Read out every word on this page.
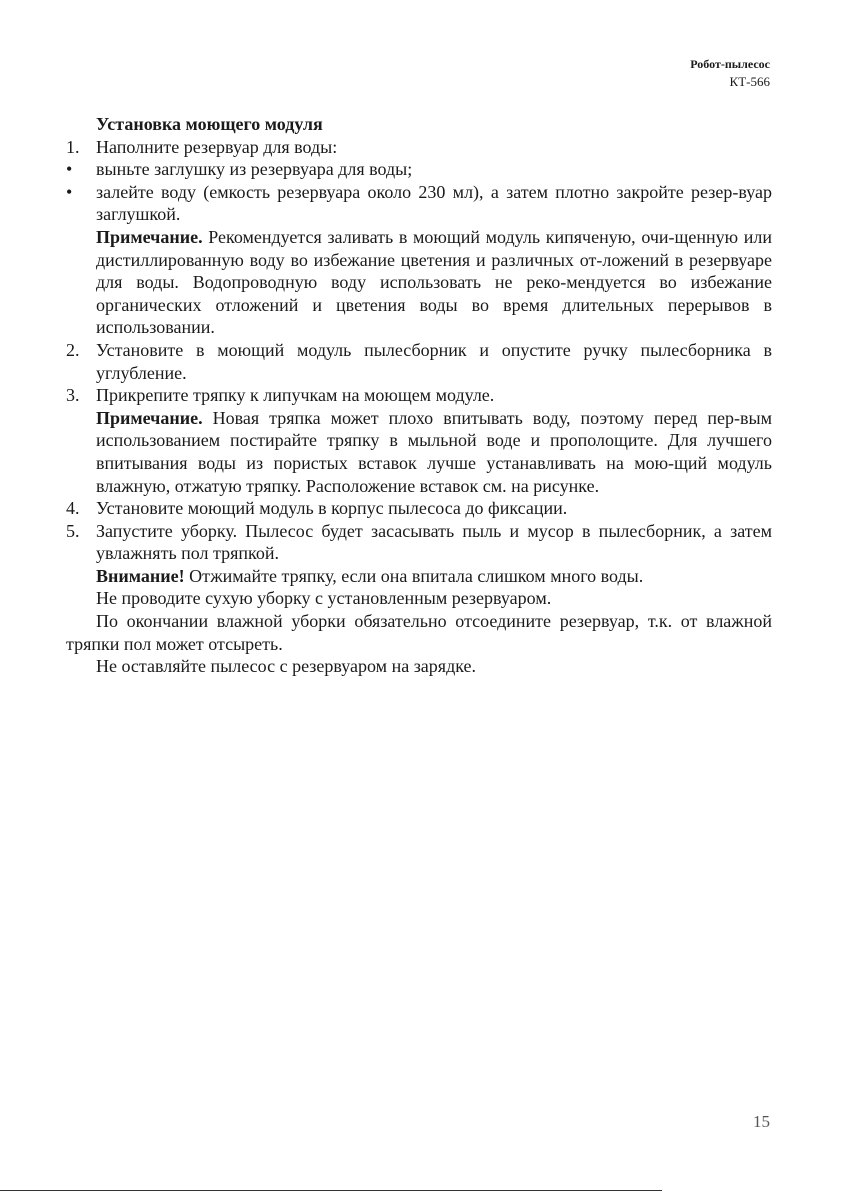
Робот-пылесос
КТ-566

Установка моющего модуля

1. Наполните резервуар для воды:
•	выньте заглушку из резервуара для воды;
•	залейте воду (емкость резервуара около 230 мл), а затем плотно закройте резер-вуар заглушкой.

Примечание. Рекомендуется заливать в моющий модуль кипяченую, очи-щенную или дистиллированную воду во избежание цветения и различных от-ложений в резервуаре для воды. Водопроводную воду использовать не реко-мендуется во избежание органических отложений и цветения воды во время длительных перерывов в использовании.

2. Установите в моющий модуль пылесборник и опустите ручку пылесборника в углубление.
3. Прикрепите тряпку к липучкам на моющем модуле.

Примечание. Новая тряпка может плохо впитывать воду, поэтому перед пер-вым использованием постирайте тряпку в мыльной воде и прополощите. Для лучшего впитывания воды из пористых вставок лучше устанавливать на мою-щий модуль влажную, отжатую тряпку. Расположение вставок см. на рисунке.

4. Установите моющий модуль в корпус пылесоса до фиксации.
5. Запустите уборку. Пылесос будет засасывать пыль и мусор в пылесборник, а затем увлажнять пол тряпкой.

Внимание! Отжимайте тряпку, если она впитала слишком много воды.

Не проводите сухую уборку с установленным резервуаром.

По окончании влажной уборки обязательно отсоедините резервуар, т.к. от влажной тряпки пол может отсыреть.

Не оставляйте пылесос с резервуаром на зарядке.

15
